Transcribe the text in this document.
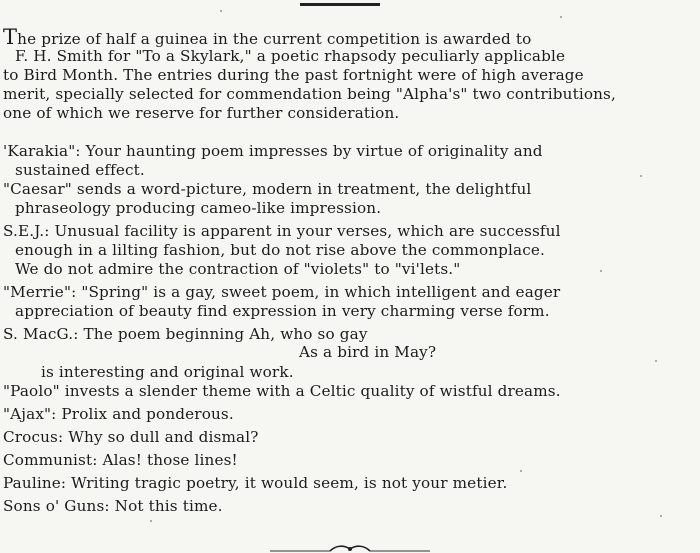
The prize of half a guinea in the current competition is awarded to
F. H. Smith for "To a Skylark," a poetic rhapsody peculiarly applicable
to Bird Month. The entries during the past fortnight were of high average
merit, specially selected for commendation being "Alpha's" two contributions,
one of which we reserve for further consideration.
'Karakia": Your haunting poem impresses by virtue of originality and
sustained effect.
"Caesar" sends a word-picture, modern in treatment, the delightful
phraseology producing cameo-like impression.
S.E.J.: Unusual facility is apparent in your verses, which are successful
enough in a lilting fashion, but do not rise above the commonplace.
We do not admire the contraction of "violets" to "vi'lets."
"Merrie": "Spring" is a gay, sweet poem, in which intelligent and eager
appreciation of beauty find expression in very charming verse form.
S. MacG.: The poem beginning Ah, who so gay
As a bird in May?
is interesting and original work.
"Paolo" invests a slender theme with a Celtic quality of wistful dreams.
"Ajax": Prolix and ponderous.
Crocus: Why so dull and dismal?
Communist: Alas! those lines!
Pauline: Writing tragic poetry, it would seem, is not your metier.
Sons o' Guns: Not this time.
